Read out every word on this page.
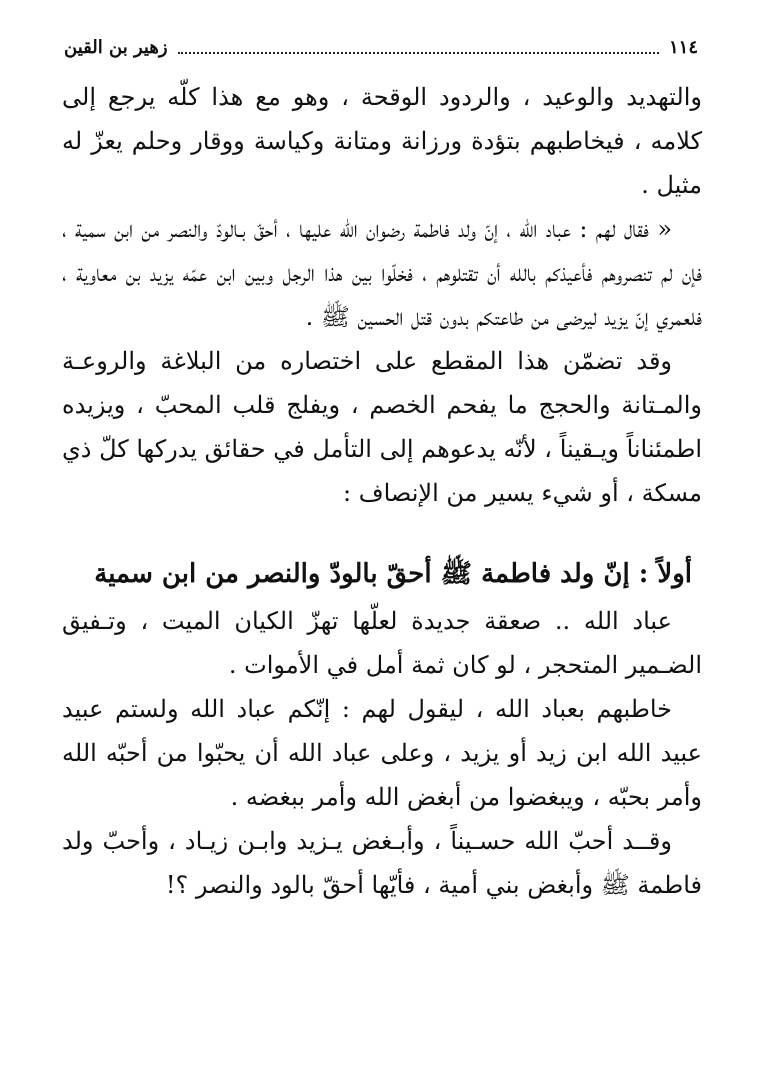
١١٤
زهير بن القين

والتهديد والوعيد ، والردود الوقحة ، وهو مع هذا كلّه يرجع إلى كلامه ، فيخاطبهم بتؤدة ورزانة ومتانة وكياسة ووقار وحلم يعزّ له مثيل .

« فقال لهم : عباد الله ، إنّ ولد فاطمة رضوان الله عليها ، أحقّ بـالودّ والنصر من ابن سمية ، فإن لم تنصروهم فأعيذكم بالله أن تقتلوهم ، فخلّوا بين هذا الرجل وبين ابن عمّه يزيد بن معاوية ، فلعمري إنّ يزيد ليرضى من طاعتكم بدون قتل الحسين ﷺ .

وقد تضمّن هذا المقطع على اختصاره من البلاغة والروعـة والمـتانة والحجج ما يفحم الخصم ، ويفلج قلب المحبّ ، ويزيده اطمئناناً ويـقيناً ، لأنّه يدعوهم إلى التأمل في حقائق يدركها كلّ ذي مسكة ، أو شيء يسير من الإنصاف :

أولاً : إنّ ولد فاطمة ﷺ أحقّ بالودّ والنصر من ابن سمية

عباد الله .. صعقة جديدة لعلّها تهزّ الكيان الميت ، وتـفيق الضـمير المتحجر ، لو كان ثمة أمل في الأموات .

خاطبهم بعباد الله ، ليقول لهم : إنّكم عباد الله ولستم عبيد عبيد الله ابن زيد أو يزيد ، وعلى عباد الله أن يحبّوا من أحبّه الله وأمر بحبّه ، ويبغضوا من أبغض الله وأمر ببغضه .

وقــد أحبّ الله حسـيناً ، وأبـغض يـزيد وابـن زيـاد ، وأحبّ ولد فاطمة ﷺ وأبغض بني أمية ، فأيّها أحقّ بالود والنصر ؟!
